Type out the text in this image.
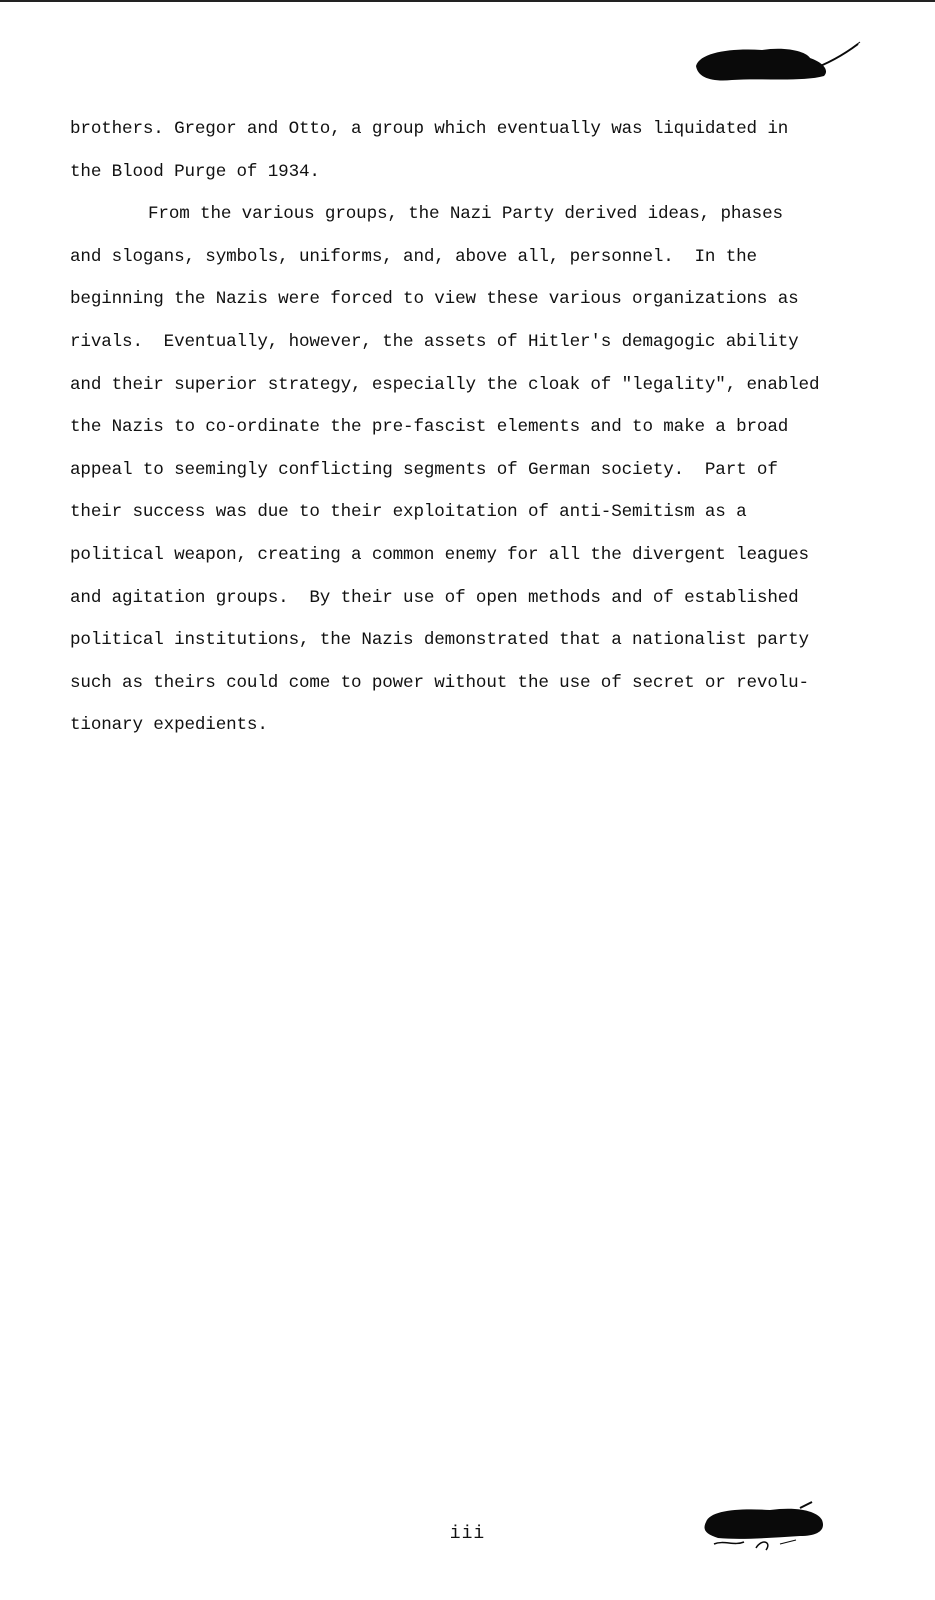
brothers. Gregor and Otto, a group which eventually was liquidated in
the Blood Purge of 1934.
From the various groups, the Nazi Party derived ideas, phases
and slogans, symbols, uniforms, and, above all, personnel.  In the
beginning the Nazis were forced to view these various organizations as
rivals.  Eventually, however, the assets of Hitler's demagogic ability
and their superior strategy, especially the cloak of "legality", enabled
the Nazis to co-ordinate the pre-fascist elements and to make a broad
appeal to seemingly conflicting segments of German society.  Part of
their success was due to their exploitation of anti-Semitism as a
political weapon, creating a common enemy for all the divergent leagues
and agitation groups.  By their use of open methods and of established
political institutions, the Nazis demonstrated that a nationalist party
such as theirs could come to power without the use of secret or revolu-
tionary expedients.
iii
